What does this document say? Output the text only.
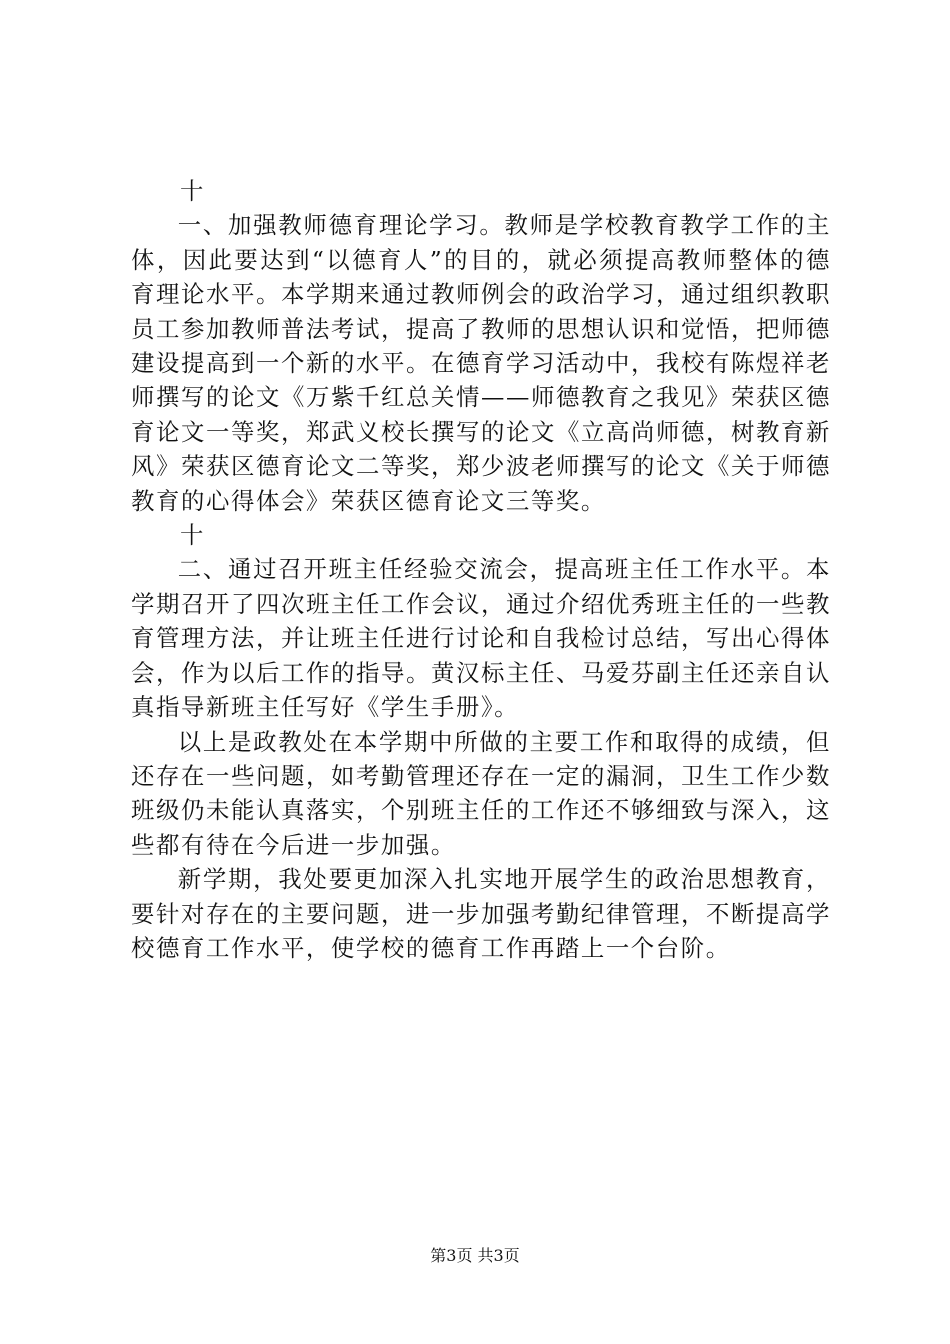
十

一、加强教师德育理论学习。教师是学校教育教学工作的主体，因此要达到“以德育人”的目的，就必须提高教师整体的德育理论水平。本学期来通过教师例会的政治学习，通过组织教职员工参加教师普法考试，提高了教师的思想认识和觉悟，把师德建设提高到一个新的水平。在德育学习活动中，我校有陈煜祥老师撰写的论文《万紫千红总关情——师德教育之我见》荣获区德育论文一等奖，郑武义校长撰写的论文《立高尚师德，树教育新风》荣获区德育论文二等奖，郑少波老师撰写的论文《关于师德教育的心得体会》荣获区德育论文三等奖。

十

二、通过召开班主任经验交流会，提高班主任工作水平。本学期召开了四次班主任工作会议，通过介绍优秀班主任的一些教育管理方法，并让班主任进行讨论和自我检讨总结，写出心得体会，作为以后工作的指导。黄汉标主任、马爱芬副主任还亲自认真指导新班主任写好《学生手册》。

以上是政教处在本学期中所做的主要工作和取得的成绩，但还存在一些问题，如考勤管理还存在一定的漏洞，卫生工作少数班级仍未能认真落实，个别班主任的工作还不够细致与深入，这些都有待在今后进一步加强。

新学期，我处要更加深入扎实地开展学生的政治思想教育，要针对存在的主要问题，进一步加强考勤纪律管理，不断提高学校德育工作水平，使学校的德育工作再踏上一个台阶。

第3页 共3页
